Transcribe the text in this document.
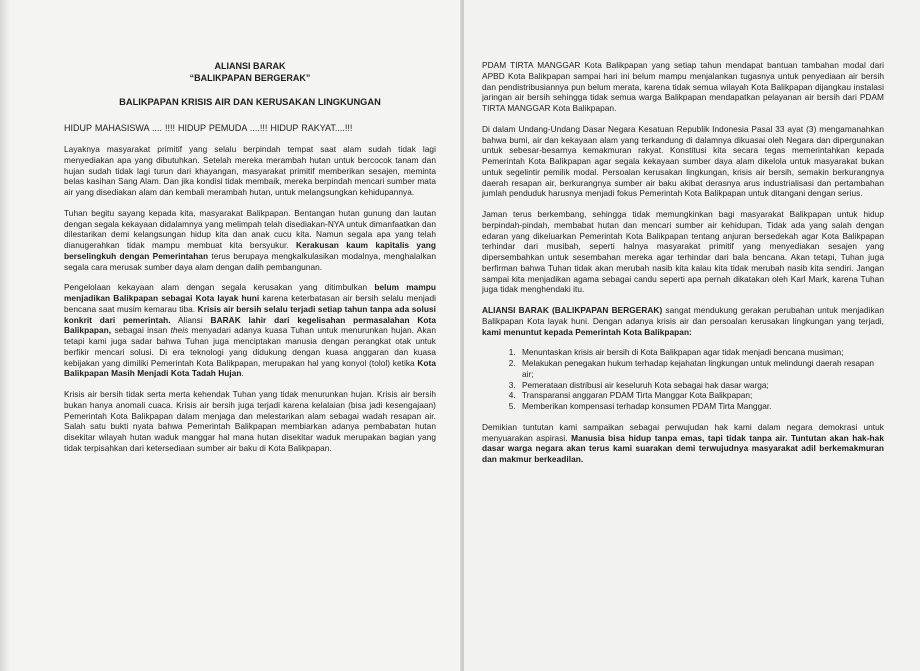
ALIANSI BARAK

“BALIKPAPAN BERGERAK”

BALIKPAPAN KRISIS AIR DAN KERUSAKAN LINGKUNGAN

HIDUP MAHASISWA .... !!!! HIDUP PEMUDA ....!!! HIDUP RAKYAT....!!!

Layaknya masyarakat primitif yang selalu berpindah tempat saat alam sudah tidak lagi menyediakan apa yang dibutuhkan. Setelah mereka merambah hutan untuk bercocok tanam dan hujan sudah tidak lagi turun dari khayangan, masyarakat primitif memberikan sesajen, meminta belas kasihan Sang Alam. Dan jika kondisi tidak membaik, mereka berpindah mencari sumber mata air yang disediakan alam dan kembali merambah hutan, untuk melangsungkan kehidupannya.

Tuhan begitu sayang kepada kita, masyarakat Balikpapan. Bentangan hutan gunung dan lautan dengan segala kekayaan didalamnya yang melimpah telah disediakan-NYA untuk dimanfaatkan dan dilestarikan demi kelangsungan hidup kita dan anak cucu kita. Namun segala apa yang telah dianugerahkan tidak mampu membuat kita bersyukur. Kerakusan kaum kapitalis yang berselingkuh dengan Pemerintahan terus berupaya mengkalkulasikan modalnya, menghalalkan segala cara merusak sumber daya alam dengan dalih pembangunan.

Pengelolaan kekayaan alam dengan segala kerusakan yang ditimbulkan belum mampu menjadikan Balikpapan sebagai Kota layak huni karena keterbatasan air bersih selalu menjadi bencana saat musim kemarau tiba. Krisis air bersih selalu terjadi setiap tahun tanpa ada solusi konkrit dari pemerintah. Aliansi BARAK lahir dari kegelisahan permasalahan Kota Balikpapan, sebagai insan theis menyadari adanya kuasa Tuhan untuk menurunkan hujan. Akan tetapi kami juga sadar bahwa Tuhan juga menciptakan manusia dengan perangkat otak untuk berfikir mencari solusi. Di era teknologi yang didukung dengan kuasa anggaran dan kuasa kebijakan yang dimiliki Pemerintah Kota Balikpapan, merupakan hal yang konyol (tolol) ketika Kota Balikpapan Masih Menjadi Kota Tadah Hujan.

Krisis air bersih tidak serta merta kehendak Tuhan yang tidak menurunkan hujan. Krisis air bersih bukan hanya anomali cuaca. Krisis air bersih juga terjadi karena kelalaian (bisa jadi kesengajaan) Pemerintah Kota Balikpapan dalam menjaga dan melestarikan alam sebagai wadah resapan air. Salah satu bukti nyata bahwa Pemerintah Balikpapan membiarkan adanya pembabatan hutan disekitar wilayah hutan waduk manggar hal mana hutan disekitar waduk merupakan bagian yang tidak terpisahkan dari ketersediaan sumber air baku di Kota Balikpapan.

PDAM TIRTA MANGGAR Kota Balikpapan yang setiap tahun mendapat bantuan tambahan modal dari APBD Kota Balikpapan sampai hari ini belum mampu menjalankan tugasnya untuk penyediaan air bersih dan pendistribusiannya pun belum merata, karena tidak semua wilayah Kota Balikpapan dijangkau instalasi jaringan air bersih sehingga tidak semua warga Balikpapan mendapatkan pelayanan air bersih dari PDAM TIRTA MANGGAR Kota Balikpapan.

Di dalam Undang-Undang Dasar Negara Kesatuan Republik Indonesia Pasal 33 ayat (3) mengamanahkan bahwa bumi, air dan kekayaan alam yang terkandung di dalamnya dikuasai oleh Negara dan dipergunakan untuk sebesar-besarnya kemakmuran rakyat. Konstitusi kita secara tegas memerintahkan kepada Pemerintah Kota Balikpapan agar segala kekayaan sumber daya alam dikelola untuk masyarakat bukan untuk segelintir pemilik modal. Persoalan kerusakan lingkungan, krisis air bersih, semakin berkurangnya daerah resapan air, berkurangnya sumber air baku akibat derasnya arus industrialisasi dan pertambahan jumlah penduduk harusnya menjadi fokus Pemerintah Kota Balikpapan untuk ditangani dengan serius.

Jaman terus berkembang, sehingga tidak memungkinkan bagi masyarakat Balikpapan untuk hidup berpindah-pindah, membabat hutan dan mencari sumber air kehidupan. Tidak ada yang salah dengan edaran yang dikeluarkan Pemerintah Kota Balikpapan tentang anjuran bersedekah agar Kota Balikpapan terhindar dari musibah, seperti halnya masyarakat primitif yang menyediakan sesajen yang dipersembahkan untuk sesembahan mereka agar terhindar dari bala bencana. Akan tetapi, Tuhan juga berfirman bahwa Tuhan tidak akan merubah nasib kita kalau kita tidak merubah nasib kita sendiri. Jangan sampai kita menjadikan agama sebagai candu seperti apa pernah dikatakan oleh Karl Mark, karena Tuhan juga tidak menghendaki itu.

ALIANSI BARAK (BALIKPAPAN BERGERAK) sangat mendukung gerakan perubahan untuk menjadikan Balikpapan Kota layak huni. Dengan adanya krisis air dan persoalan kerusakan lingkungan yang terjadi, kami menuntut kepada Pemerintah Kota Balikpapan:

1. Menuntaskan krisis air bersih di Kota Balikpapan agar tidak menjadi bencana musiman;
2. Melakukan penegakan hukum terhadap kejahatan lingkungan untuk melindungi daerah resapan air;
3. Pemerataan distribusi air keseluruh Kota sebagai hak dasar warga;
4. Transparansi anggaran PDAM Tirta Manggar Kota Balikpapan;
5. Memberikan kompensasi terhadap konsumen PDAM Tirta Manggar.

Demikian tuntutan kami sampaikan sebagai perwujudan hak kami dalam negara demokrasi untuk menyuarakan aspirasi. Manusia bisa hidup tanpa emas, tapi tidak tanpa air. Tuntutan akan hak-hak dasar warga negara akan terus kami suarakan demi terwujudnya masyarakat adil berkemakmuran dan makmur berkeadilan.
